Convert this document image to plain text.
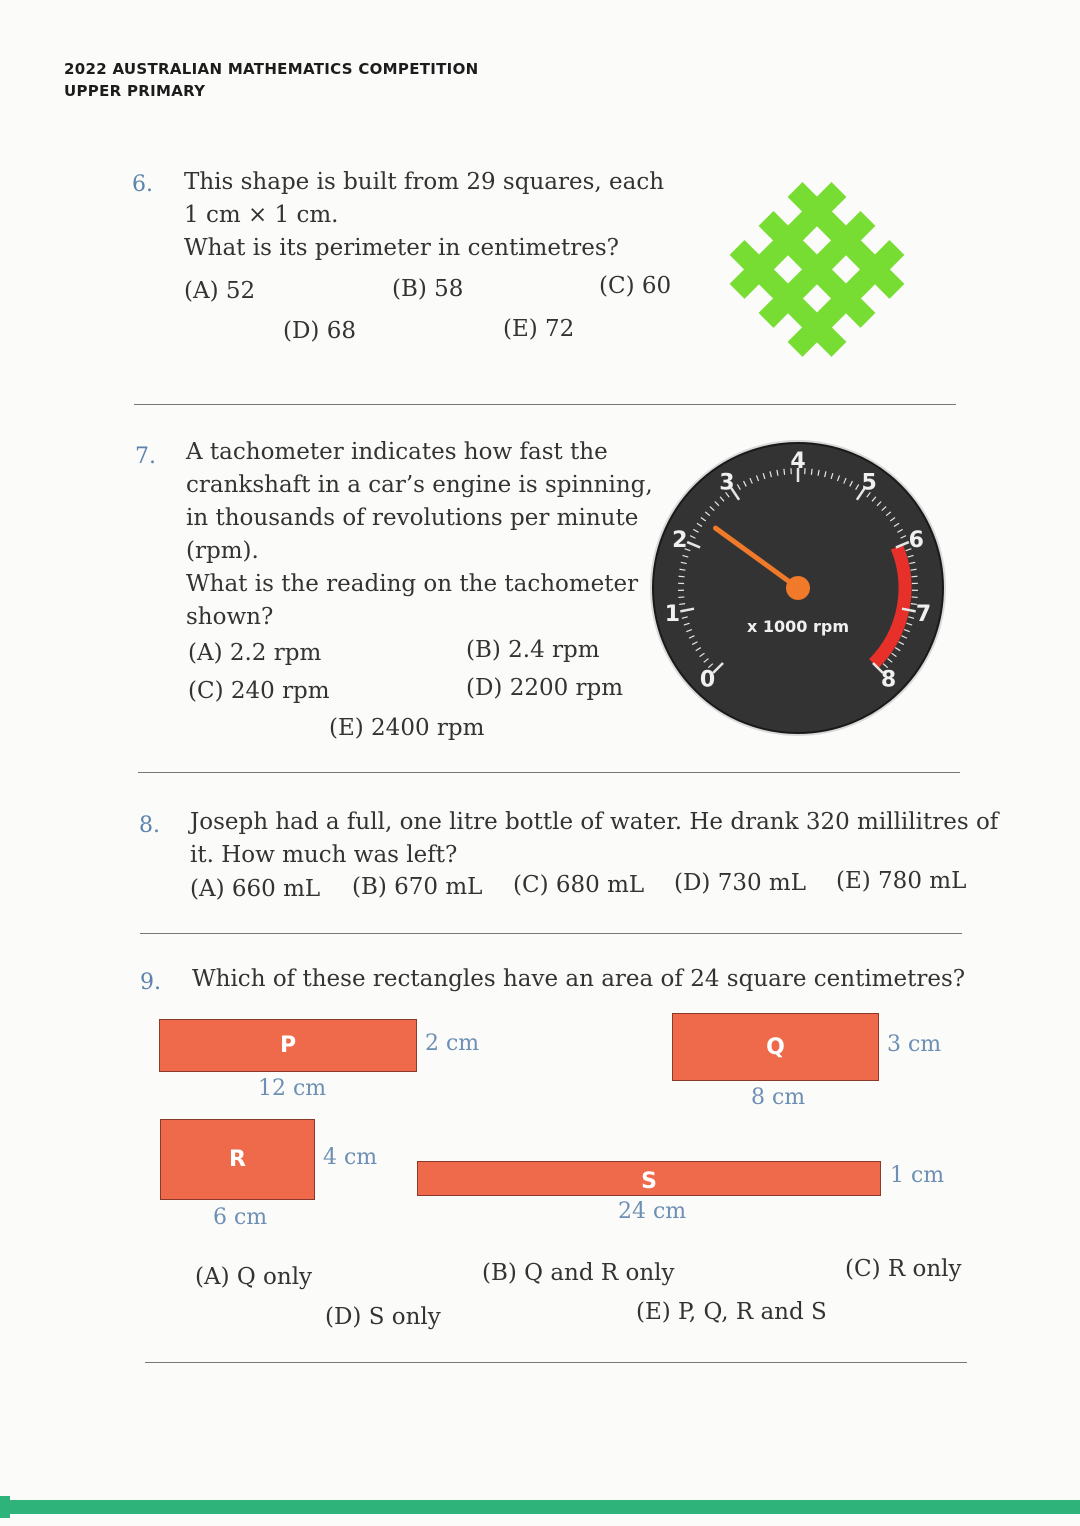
2022 AUSTRALIAN MATHEMATICS COMPETITION
UPPER PRIMARY
6. This shape is built from 29 squares, each
1 cm × 1 cm.
What is its perimeter in centimetres?
(A) 52	(B) 58	(C) 60
(D) 68	(E) 72
7. A tachometer indicates how fast the
crankshaft in a car’s engine is spinning,
in thousands of revolutions per minute
(rpm).
What is the reading on the tachometer
shown?
(A) 2.2 rpm	(B) 2.4 rpm
(C) 240 rpm	(D) 2200 rpm
(E) 2400 rpm
0
1
2
3
4
5
6
7
8
x 1000 rpm
8. Joseph had a full, one litre bottle of water. He drank 320 millilitres of
it. How much was left?
(A) 660 mL (B) 670 mL (C) 680 mL (D) 730 mL (E) 780 mL
9. Which of these rectangles have an area of 24 square centimetres?
P	2 cm
12 cm
Q	3 cm
8 cm
R	4 cm
6 cm
S	1 cm
24 cm
(A) Q only	(B) Q and R only	(C) R only
(D) S only	(E) P, Q, R and S
